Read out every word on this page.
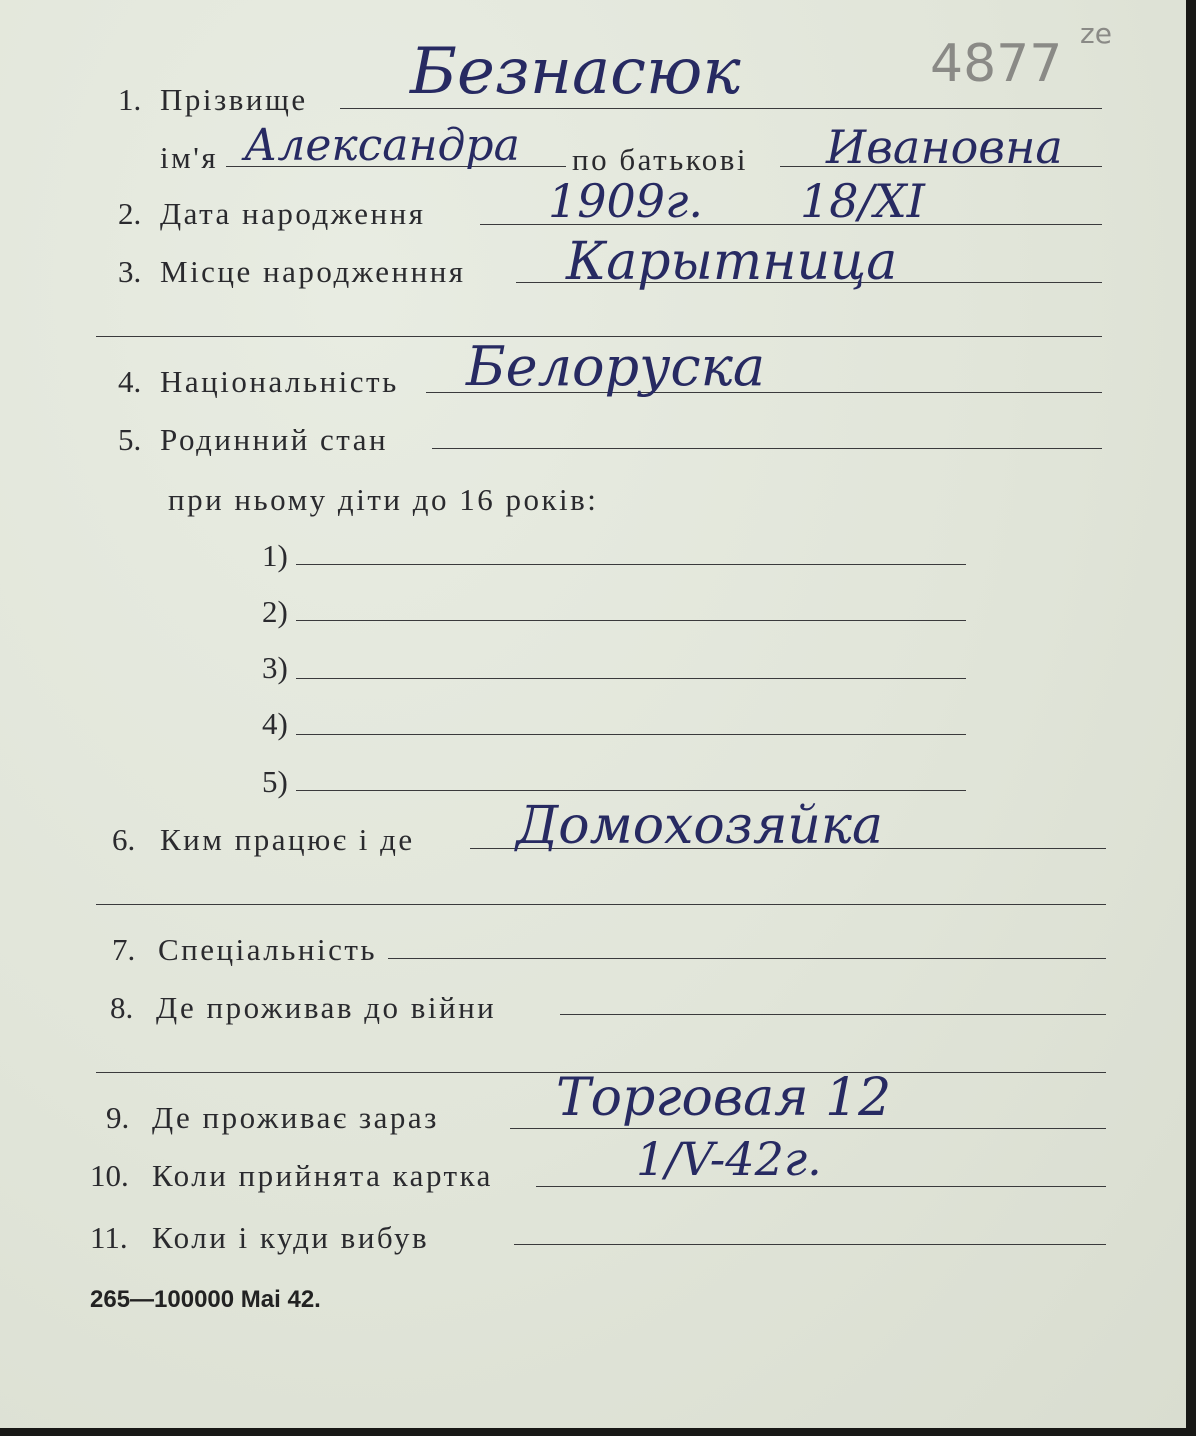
4877
ze
1. Прізвище Безнасюк
ім'я Александра по батькові Ивановна
2. Дата народження	1909г. 18/XI
3. Місце народженння Карытница
4. Національність Белоруска
5. Родинний стан
при ньому діти до 16 років:
1)
2)
3)
4)
5)
6. Ким працює і де Домохозяйка
7. Спеціальність
8. Де проживав до війни
9. Де проживає зараз Торговая 12
10. Коли прийнята картка	1/V-42г.
11. Коли і куди вибув
265—100000 Mai 42.
